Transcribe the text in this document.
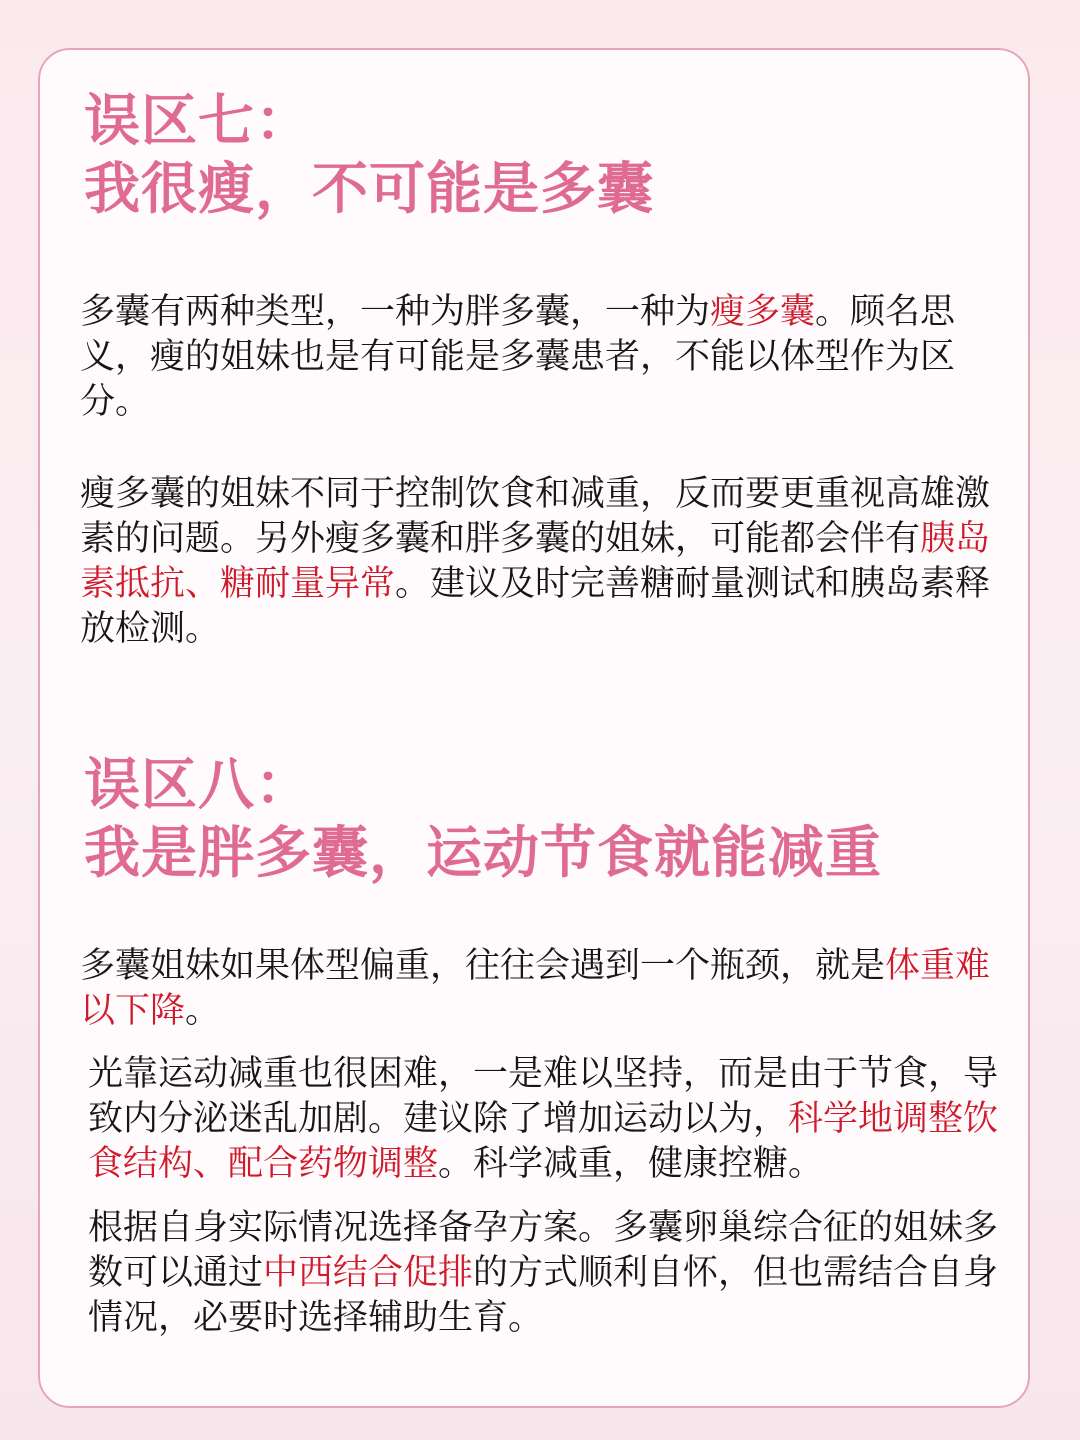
误区七：
我很瘦，不可能是多囊

多囊有两种类型，一种为胖多囊，一种为瘦多囊。顾名思义，瘦的姐妹也是有可能是多囊患者，不能以体型作为区分。

瘦多囊的姐妹不同于控制饮食和减重，反而要更重视高雄激素的问题。另外瘦多囊和胖多囊的姐妹，可能都会伴有胰岛素抵抗、糖耐量异常。建议及时完善糖耐量测试和胰岛素释放检测。

误区八：
我是胖多囊，运动节食就能减重

多囊姐妹如果体型偏重，往往会遇到一个瓶颈，就是体重难以下降。

光靠运动减重也很困难，一是难以坚持，而是由于节食，导致内分泌迷乱加剧。建议除了增加运动以为，科学地调整饮食结构、配合药物调整。科学减重，健康控糖。

根据自身实际情况选择备孕方案。多囊卵巢综合征的姐妹多数可以通过中西结合促排的方式顺利自怀，但也需结合自身情况，必要时选择辅助生育。
